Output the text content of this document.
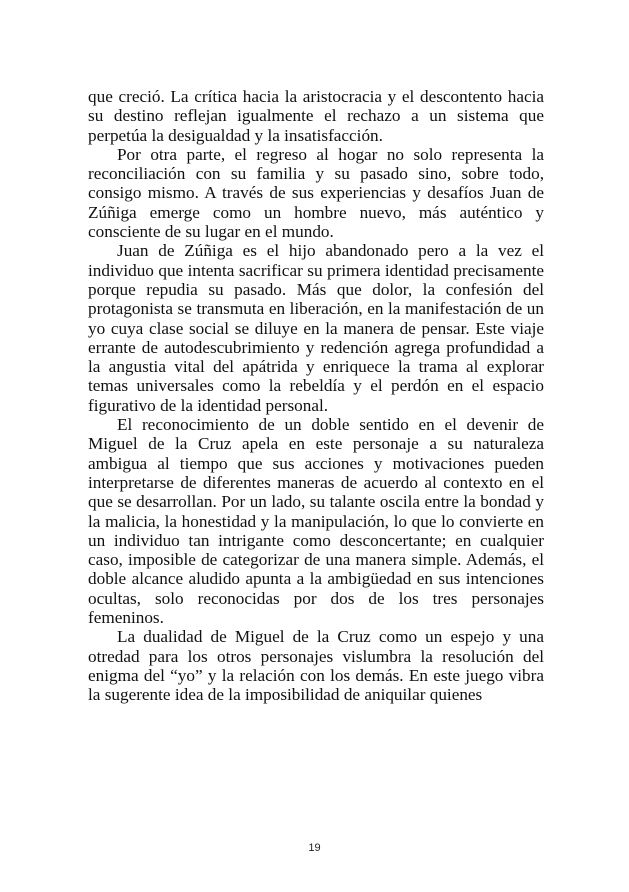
que creció. La crítica hacia la aristocracia y el descontento hacia su destino reflejan igualmente el rechazo a un sistema que perpetúa la desigualdad y la insatisfacción.

Por otra parte, el regreso al hogar no solo representa la reconciliación con su familia y su pasado sino, sobre todo, consigo mismo. A través de sus experiencias y desafíos Juan de Zúñiga emerge como un hombre nuevo, más auténtico y consciente de su lugar en el mundo.

Juan de Zúñiga es el hijo abandonado pero a la vez el individuo que intenta sacrificar su primera identidad precisamente porque repudia su pasado. Más que dolor, la confesión del protagonista se transmuta en liberación, en la manifestación de un yo cuya clase social se diluye en la manera de pensar. Este viaje errante de autodescubrimiento y redención agrega profundidad a la angustia vital del apátrida y enriquece la trama al explorar temas universales como la rebeldía y el perdón en el espacio figurativo de la identidad personal.

El reconocimiento de un doble sentido en el devenir de Miguel de la Cruz apela en este personaje a su naturaleza ambigua al tiempo que sus acciones y motivaciones pueden interpretarse de diferentes maneras de acuerdo al contexto en el que se desarrollan. Por un lado, su talante oscila entre la bondad y la malicia, la honestidad y la manipulación, lo que lo convierte en un individuo tan intrigante como desconcertante; en cualquier caso, imposible de categorizar de una manera simple. Además, el doble alcance aludido apunta a la ambigüedad en sus intenciones ocultas, solo reconocidas por dos de los tres personajes femeninos.

La dualidad de Miguel de la Cruz como un espejo y una otredad para los otros personajes vislumbra la resolución del enigma del “yo” y la relación con los demás. En este juego vibra la sugerente idea de la imposibilidad de aniquilar quienes

19
